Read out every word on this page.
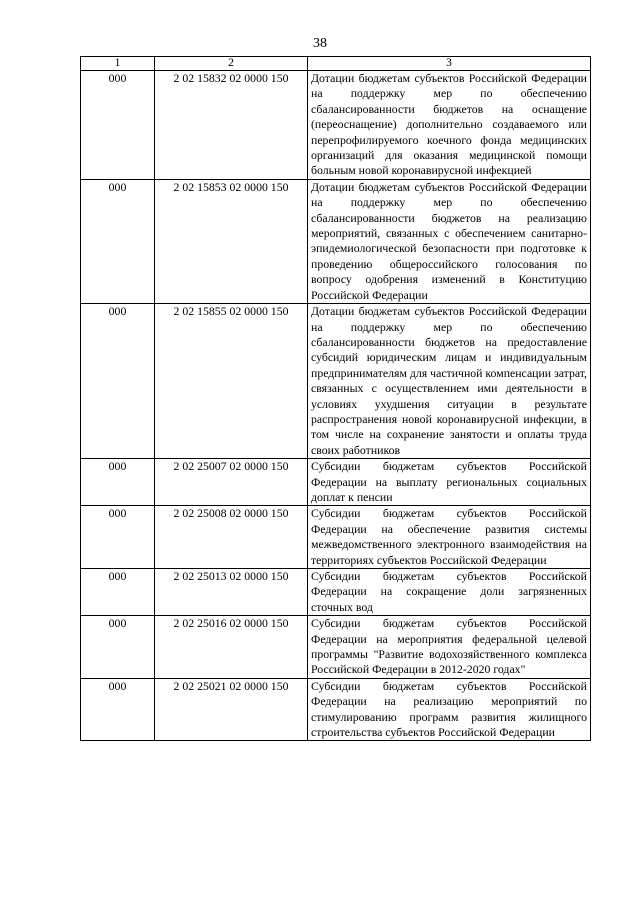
38
1	2	3
000	2 02 15832 02 0000 150	Дотации бюджетам субъектов Российской Федерации на поддержку мер по обеспечению сбалансированности бюджетов на оснащение (переоснащение) дополнительно создаваемого или перепрофилируемого коечного фонда медицинских организаций для оказания медицинской помощи больным новой коронавирусной инфекцией
000	2 02 15853 02 0000 150	Дотации бюджетам субъектов Российской Федерации на поддержку мер по обеспечению сбалансированности бюджетов на реализацию мероприятий, связанных с обеспечением санитарно-эпидемиологической безопасности при подготовке к проведению общероссийского голосования по вопросу одобрения изменений в Конституцию Российской Федерации
000	2 02 15855 02 0000 150	Дотации бюджетам субъектов Российской Федерации на поддержку мер по обеспечению сбалансированности бюджетов на предоставление субсидий юридическим лицам и индивидуальным предпринимателям для частичной компенсации затрат, связанных с осуществлением ими деятельности в условиях ухудшения ситуации в результате распространения новой коронавирусной инфекции, в том числе на сохранение занятости и оплаты труда своих работников
000	2 02 25007 02 0000 150	Субсидии бюджетам субъектов Российской Федерации на выплату региональных социальных доплат к пенсии
000	2 02 25008 02 0000 150	Субсидии бюджетам субъектов Российской Федерации на обеспечение развития системы межведомственного электронного взаимодействия на территориях субъектов Российской Федерации
000	2 02 25013 02 0000 150	Субсидии бюджетам субъектов Российской Федерации на сокращение доли загрязненных сточных вод
000	2 02 25016 02 0000 150	Субсидии бюджетам субъектов Российской Федерации на мероприятия федеральной целевой программы "Развитие водохозяйственного комплекса Российской Федерации в 2012-2020 годах"
000	2 02 25021 02 0000 150	Субсидии бюджетам субъектов Российской Федерации на реализацию мероприятий по стимулированию программ развития жилищного строительства субъектов Российской Федерации
